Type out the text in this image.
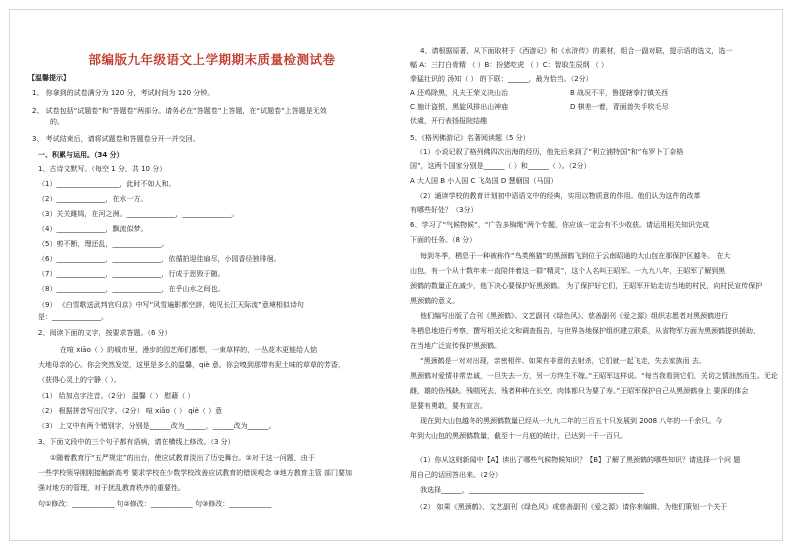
部编版九年级语文上学期期末质量检测试卷
【温馨提示】
1、 你拿到的试卷满分为 120 分，考试时间为 120 分钟。
2、 试卷包括“试题卷”和“答题卷”两部分。请务必在“答题卷”上答题，在“试题卷”上答题是无效
的。
3、 考试结束后，请将试题卷和答题卷分开一并交回。
一、积累与运用。（34 分）
1、古诗文默写。（每空 1 分，共 10 分）
（1）__________________，此时不如人和。
（2）______________，在水一方。
（3）关关雎鸠，在河之洲。______________，______________。
（4）______________，飘流似梦。
（5）剪不断，理还乱，______________。
（6）______________，______________，依循拍迎佳扇尽，小园香径独徘徊。
（7）______________，______________，行成于思毁于随。
（8）______________，______________，在乎山水之间也。
（9） 《白雪歌送武判官归京》中写“风雪遍影都空辞，炖见长江天际流”意境相似诗句
是：______________。
2、阅读下面的文字，按要求答题。（6 分）
在喧 xiāo（ ）的城市里，漫步的园艺师们都想，一束草样的，一丛花木更能给人惦
大地母亲的心。你会突然发觉，这里是多么的温馨，qiè 意。你会嗅到那带有泥土味的草草的芳香，
（获得心灵上的宁静（ ）。
（1） 给加点字注音。（2分） 温馨（ ） 慰藉（ ）
（2） 根据拼音写出汉字。（2分） 喧 xiāo（ ） qiè（ ）意
（3） 上文中有两个错别字，分别是______改为______，______改为______。
3、下面文段中的三个句子都有语病，请在横线上修改。（3 分）
①随着教育厅“五严规定”的出台，使应试教育淡出了历史舞台。②对于这一问题，由于
一些学校领导刚刚接触新高考 要求学校在少数学校改善应试教育的错误观念 ③地方教育主管 部门要加
强对地方的管理，对于扰乱教育秩序的重要性。
句①修改：____________ 句②修改：____________ 句③修改：____________
4、请根据原著，从下面取材于《西游记》和《水浒传》的素材，组合一副对联，提示语的选文，选一
幅 A：三打白骨精 （ ）B：扮猪吃虎 （ ）C：智取生辰纲 （ ）
拳猛壮识的 汤知（ ） 的下联：______，最为恰当。（2分）
A 还鸡除黑，凡夫王荣义决山治	B 战况不平，鲁提辖拳打镇关西
C 施计盗银，黑旋风排出山神庙	D 棋差一着，青面兽失手吹毛尽
伏虞，开行表扬报院结趣
5、《格列佛游记》名著阅读题（5 分）
（1）小说记叙了格列佛四次出海的经历，他先后来到了“利立浦特国”和“布罗卜丁奈格
国”，这两个国家分别是______（ ）和______（ ）。（2分）
A 大人国 B 小人国 C 飞岛国 D 慧骃国（马国）
（2）通读学校的教育计划初中语语文中的经典，实用以物质意的作用。他们认为这件的改革
有哪些好处？（3分）
6、学习了“气候物候”、“广告多锦绳”两个专题，你应该一定会有不少收获。请运用相关知识完成
下面的任务。（8 分）
每到冬季，栖息于一种被称作“鸟类熊猫”的黑颈鹤飞到位于云南昭通的大山包在那保护区越冬。 在大
山包，有一个从十数年来一直陪伴着这一群“精灵”，这个人名叫王昭军。一九九八年，王昭军了解到黑
颈鹤的数量正在减少，他下决心要保护好黑颈鹤。 为了保护好它们，王昭军开始走访当地的村民，向村民宣传保护
黑颈鹤的意义。
他们编写出版了合刊《黑颈鹤》、文艺副刊《绿色风》、慈善副刊《爱之源》组织志愿者对黑颈鹤进行
冬栖息地进行考察，撰写相关论文和调查报告，与世界各地保护组织建立联系，从省物军方面为黑颈鹤提供援助，
在当地广泛宣传保护黑颈鹤。
“黑颈鹤是一对对出现，亲密相伴。如果有非意的去射杀，它们就一起飞走，失去家族而 去。
黑颈鹤对爱情非常忠诚，一旦失去一方，另一方终生不嫁。”王昭军这样说。“每当我看到它们，关切之情油然而生。无论
雌，雄的伤残缺。残喘死去，残者种种在长空，肉体都只为要了寿。”王昭军保护自己从黑颈鹤身上 要深的体会
是要有勇敢，要有宣言。
现在到大山包越冬的黑颈鹤数量已经从一九九二年的三百五十只发展到 2008 八年的一千余只。今
年到大山包的黑颈鹤数量，截至十一月底的统计，已达到一千一百只。
（1）你从这则新闻中【A】读出了哪些气候物候知识？【B】了解了黑颈鹤的哪些知识？请选择一个问 题
用自己的话回答出来。（2分）
我选择______，__________________________________________________
（2） 如果《黑颈鹤》、文艺副刊《绿色风》或慈善副刊《爱之源》请你来编辑，为他们策划一个关于
